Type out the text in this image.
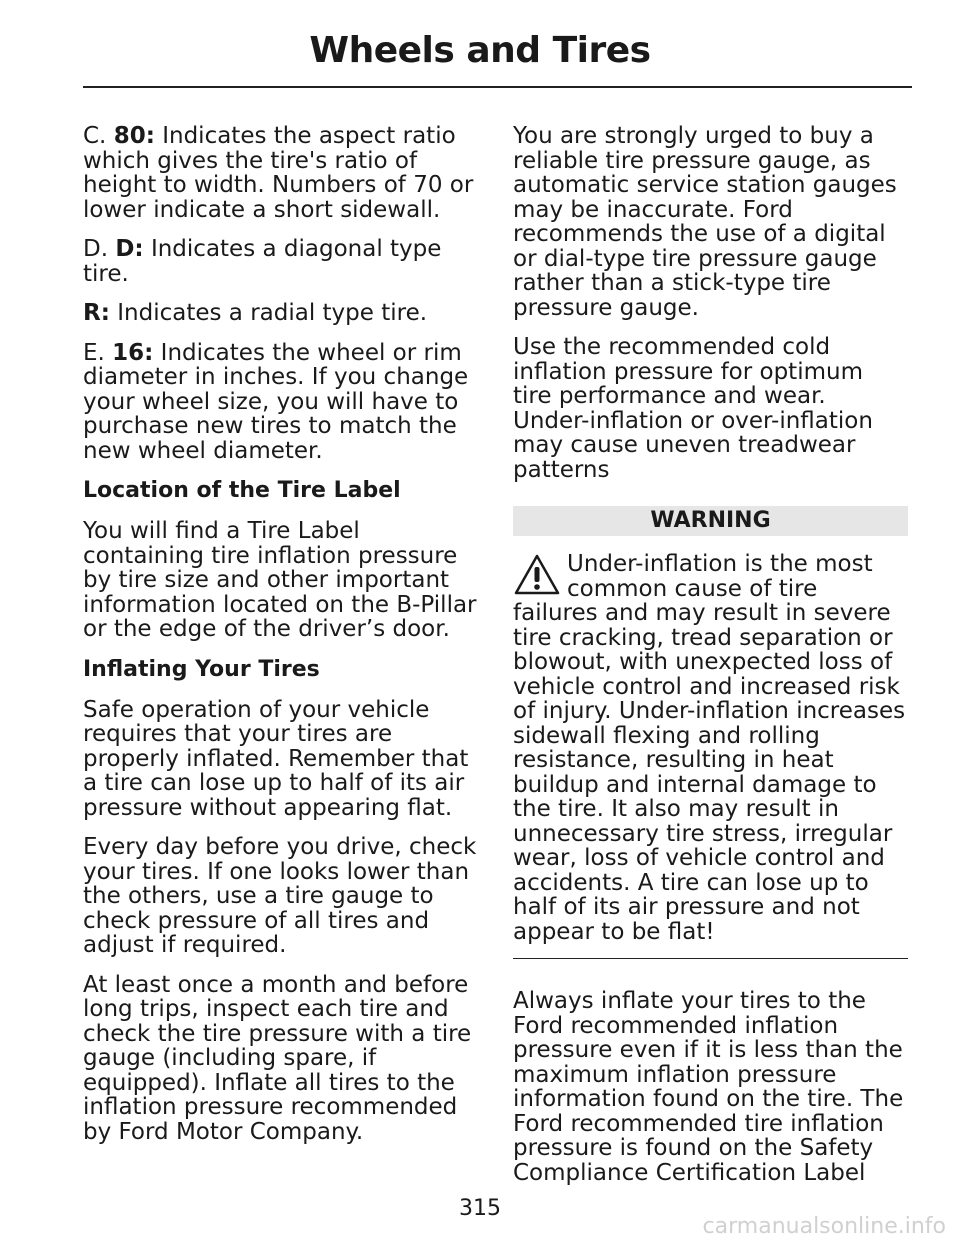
Wheels and Tires

C. 80: Indicates the aspect ratio which gives the tire's ratio of height to width. Numbers of 70 or lower indicate a short sidewall.

D. D: Indicates a diagonal type tire.

R: Indicates a radial type tire.

E. 16: Indicates the wheel or rim diameter in inches. If you change your wheel size, you will have to purchase new tires to match the new wheel diameter.

Location of the Tire Label

You will find a Tire Label containing tire inflation pressure by tire size and other important information located on the B-Pillar or the edge of the driver’s door.

Inflating Your Tires

Safe operation of your vehicle requires that your tires are properly inflated. Remember that a tire can lose up to half of its air pressure without appearing flat.

Every day before you drive, check your tires. If one looks lower than the others, use a tire gauge to check pressure of all tires and adjust if required.

At least once a month and before long trips, inspect each tire and check the tire pressure with a tire gauge (including spare, if equipped). Inflate all tires to the inflation pressure recommended by Ford Motor Company.

You are strongly urged to buy a reliable tire pressure gauge, as automatic service station gauges may be inaccurate. Ford recommends the use of a digital or dial-type tire pressure gauge rather than a stick-type tire pressure gauge.

Use the recommended cold inflation pressure for optimum tire performance and wear. Under-inflation or over-inflation may cause uneven treadwear patterns

WARNING
Under-inflation is the most common cause of tire failures and may result in severe tire cracking, tread separation or blowout, with unexpected loss of vehicle control and increased risk of injury. Under-inflation increases sidewall flexing and rolling resistance, resulting in heat buildup and internal damage to the tire. It also may result in unnecessary tire stress, irregular wear, loss of vehicle control and accidents. A tire can lose up to half of its air pressure and not appear to be flat!

Always inflate your tires to the Ford recommended inflation pressure even if it is less than the maximum inflation pressure information found on the tire. The Ford recommended tire inflation pressure is found on the Safety Compliance Certification Label

315
carmanualsonline.info
